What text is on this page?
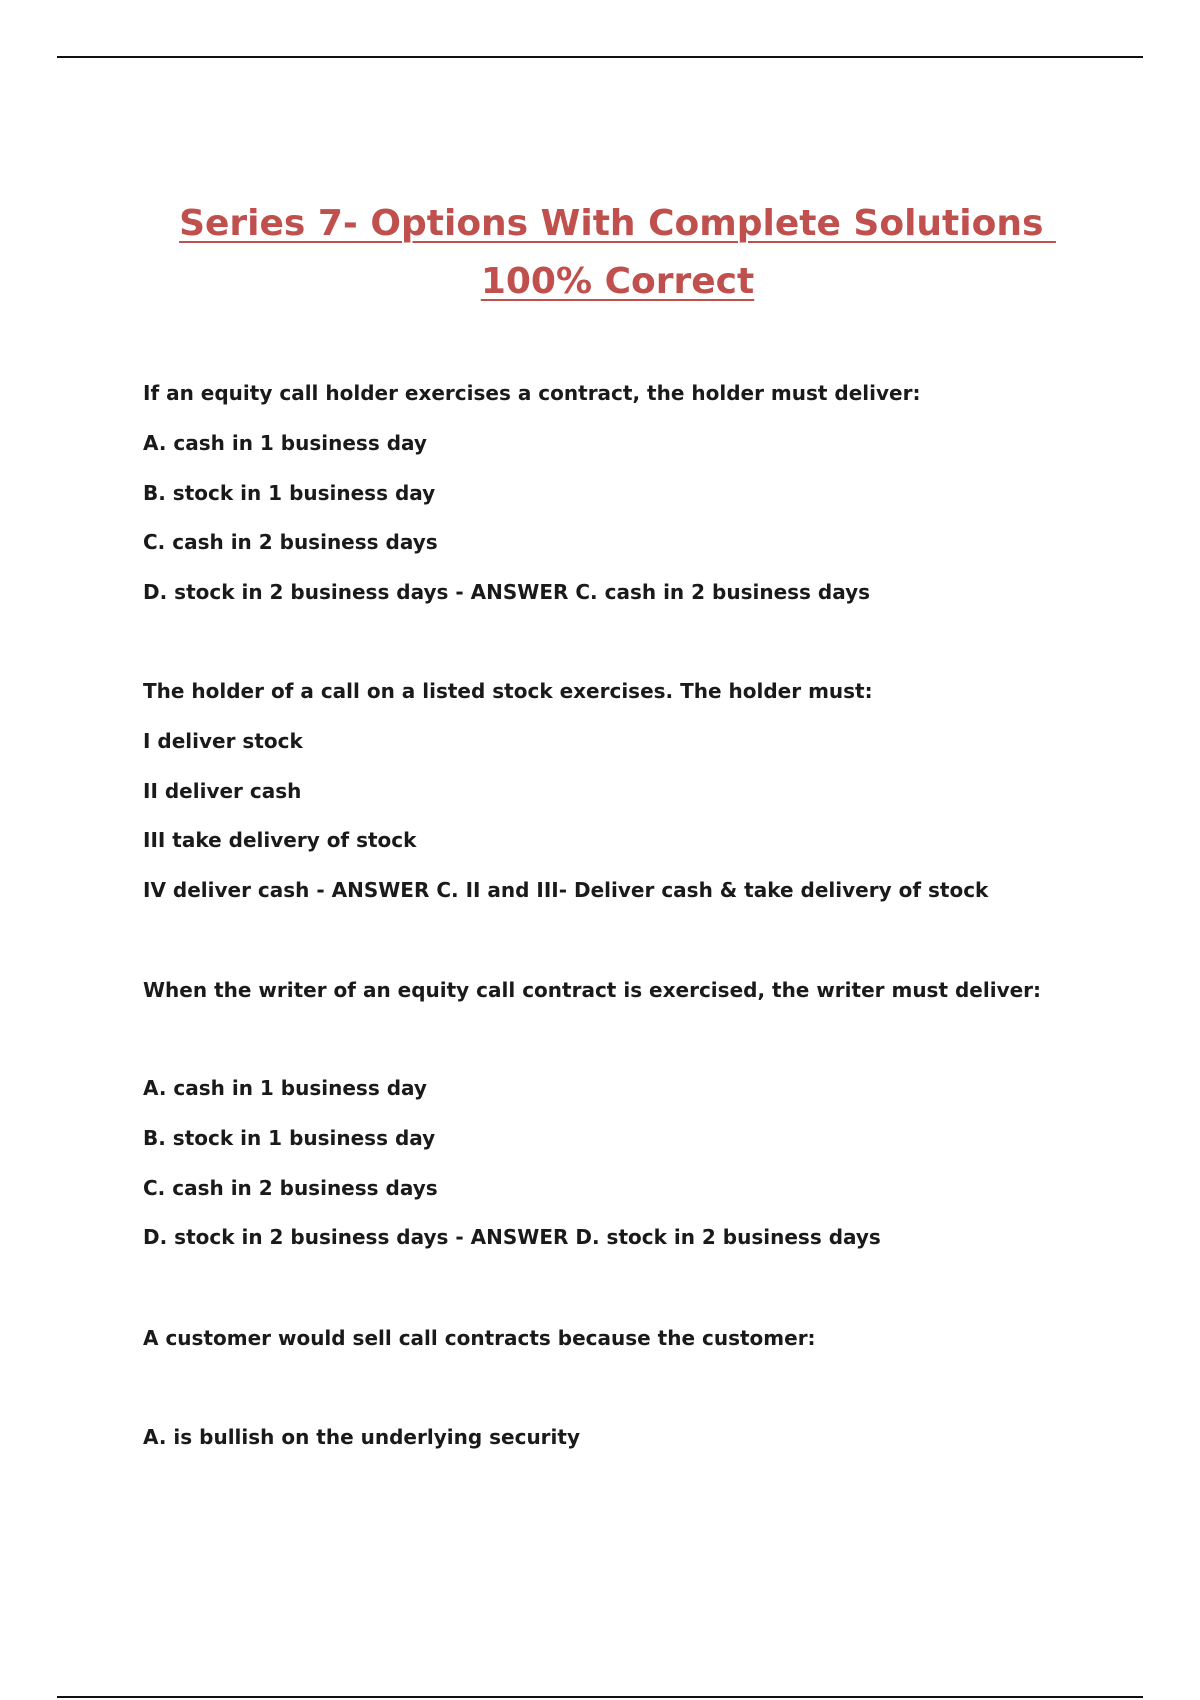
Series 7- Options With Complete Solutions
100% Correct
If an equity call holder exercises a contract, the holder must deliver:
A. cash in 1 business day
B. stock in 1 business day
C. cash in 2 business days
D. stock in 2 business days - ANSWER C. cash in 2 business days
The holder of a call on a listed stock exercises. The holder must:
I deliver stock
II deliver cash
III take delivery of stock
IV deliver cash - ANSWER C. II and III- Deliver cash & take delivery of stock
When the writer of an equity call contract is exercised, the writer must deliver:
A. cash in 1 business day
B. stock in 1 business day
C. cash in 2 business days
D. stock in 2 business days - ANSWER D. stock in 2 business days
A customer would sell call contracts because the customer:
A. is bullish on the underlying security
